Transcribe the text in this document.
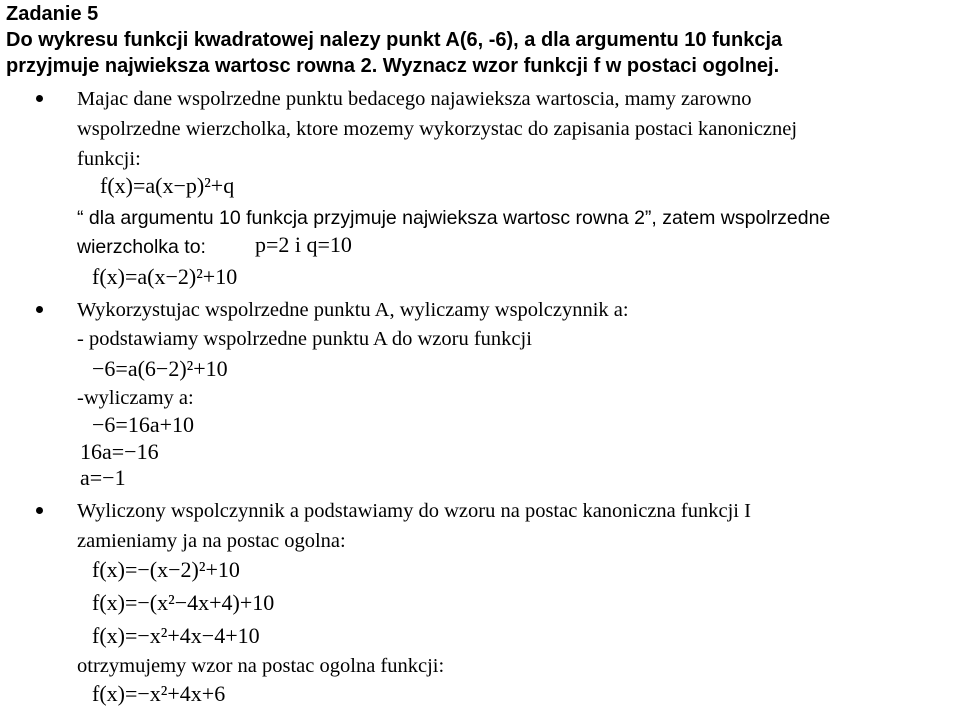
Zadanie 5
Do wykresu funkcji kwadratowej nalezy punkt A(6, -6), a dla argumentu 10 funkcja
przyjmuje najwieksza wartosc rowna 2. Wyznacz wzor funkcji f w postaci ogolnej.
Majac dane wspolrzedne punktu bedacego najawieksza wartoscia, mamy zarowno
wspolrzedne wierzcholka, ktore mozemy wykorzystac do zapisania postaci kanonicznej
funkcji:
f(x)=a(x−p)²+q
“ dla argumentu 10 funkcja przyjmuje najwieksza wartosc rowna 2”, zatem wspolrzedne
wierzcholka to: p=2 i q=10
f(x)=a(x−2)²+10
Wykorzystujac wspolrzedne punktu A, wyliczamy wspolczynnik a:
- podstawiamy wspolrzedne punktu A do wzoru funkcji
−6=a(6−2)²+10
-wyliczamy a:
−6=16a+10
16a=−16
a=−1
Wyliczony wspolczynnik a podstawiamy do wzoru na postac kanoniczna funkcji I
zamieniamy ja na postac ogolna:
f(x)=−(x−2)²+10
f(x)=−(x²−4x+4)+10
f(x)=−x²+4x−4+10
otrzymujemy wzor na postac ogolna funkcji:
f(x)=−x²+4x+6
